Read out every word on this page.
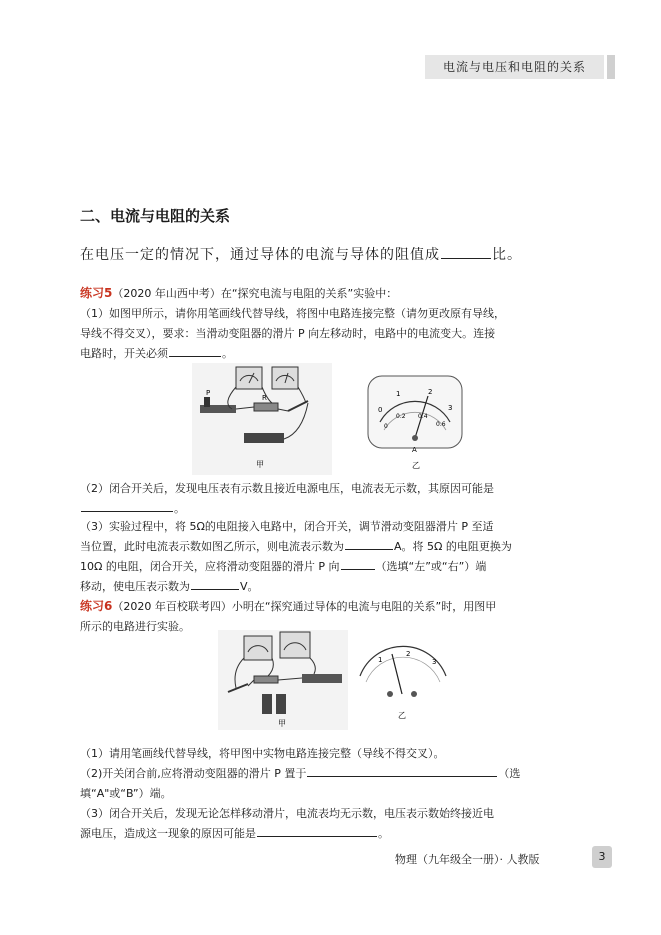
电流与电压和电阻的关系
二、电流与电阻的关系
在电压一定的情况下，通过导体的电流与导体的阻值成	比。
练习5（2020 年山西中考）在“探究电流与电阻的关系”实验中：
（1）如图甲所示，请你用笔画线代替导线，将图中电路连接完整（请勿更改原有导线，
导线不得交叉），要求：当滑动变阻器的滑片 P 向左移动时，电路中的电流变大。连接
电路时，开关必须	。
P
R
甲
0
1	2
3
0
0.2 0.4
0.6
A
乙
（2）闭合开关后，发现电压表有示数且接近电源电压，电流表无示数，其原因可能是
。
（3）实验过程中，将 5Ω的电阻接入电路中，闭合开关，调节滑动变阻器滑片 P 至适
当位置，此时电流表示数如图乙所示，则电流表示数为	A。将 5Ω 的电阻更换为
10Ω 的电阻，闭合开关，应将滑动变阻器的滑片 P 向	（选填“左”或“右”）端
移动，使电压表示数为	V。
练习6（2020 年百校联考四）小明在“探究通过导体的电流与电阻的关系”时，用图甲
所示的电路进行实验。
甲
1
2
3
乙
（1）请用笔画线代替导线，将甲图中实物电路连接完整（导线不得交叉）。
（2)开关闭合前,应将滑动变阻器的滑片 P 置于	（选
填“A"或“B”）端。
（3）闭合开关后，发现无论怎样移动滑片，电流表均无示数，电压表示数始终接近电
源电压，造成这一现象的原因可能是	。
物理（九年级全一册）· 人教版	3
